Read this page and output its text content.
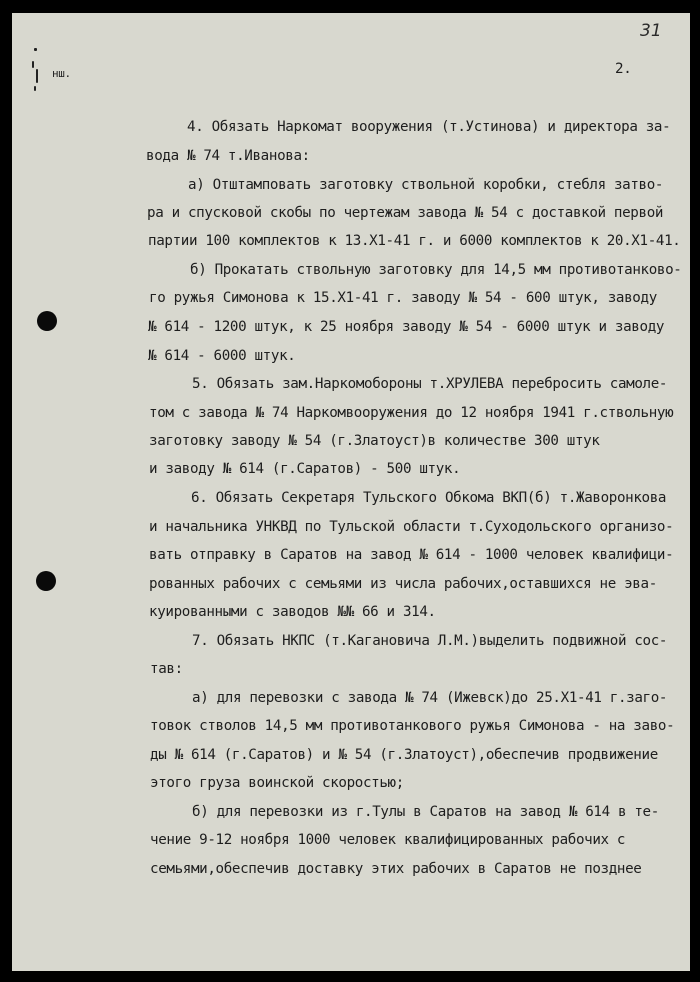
31
2.
нш.
4. Обязать Наркомат вооружения (т.Устинова) и директора за-
вода № 74 т.Иванова:
а) Отштамповать заготовку ствольной коробки, стебля затво-
ра и спусковой скобы по чертежам завода № 54 с доставкой первой
партии 100 комплектов к 13.Х1-41 г. и 6000 комплектов к 20.Х1-41.
б) Прокатать ствольную заготовку для 14,5 мм противотанково-
го ружья Симонова к 15.Х1-41 г. заводу № 54 - 600 штук, заводу
№ 614 - 1200 штук, к 25 ноября заводу № 54 - 6000 штук и заводу
№ 614 - 6000 штук.
5. Обязать зам.Наркомобороны т.ХРУЛЕВА перебросить самоле-
том с завода № 74 Наркомвооружения до 12 ноября 1941 г.ствольную
заготовку заводу № 54 (г.Златоуст)в количестве 300 штук
и заводу № 614 (г.Саратов) - 500 штук.
6. Обязать Секретаря Тульского Обкома ВКП(б) т.Жаворонкова
и начальника УНКВД по Тульской области т.Суходольского организо-
вать отправку в Саратов на завод № 614 - 1000 человек квалифици-
рованных рабочих с семьями из числа рабочих,оставшихся не эва-
куированными с заводов №№ 66 и 314.
7. Обязать НКПС (т.Кагановича Л.М.)выделить подвижной сос-
тав:
а) для перевозки с завода № 74 (Ижевск)до 25.Х1-41 г.заго-
товок стволов 14,5 мм противотанкового ружья Симонова - на заво-
ды № 614 (г.Саратов) и № 54 (г.Златоуст),обеспечив продвижение
этого груза воинской скоростью;
б) для перевозки из г.Тулы в Саратов на завод № 614 в те-
чение 9-12 ноября 1000 человек квалифицированных рабочих с
семьями,обеспечив доставку этих рабочих в Саратов не позднее
